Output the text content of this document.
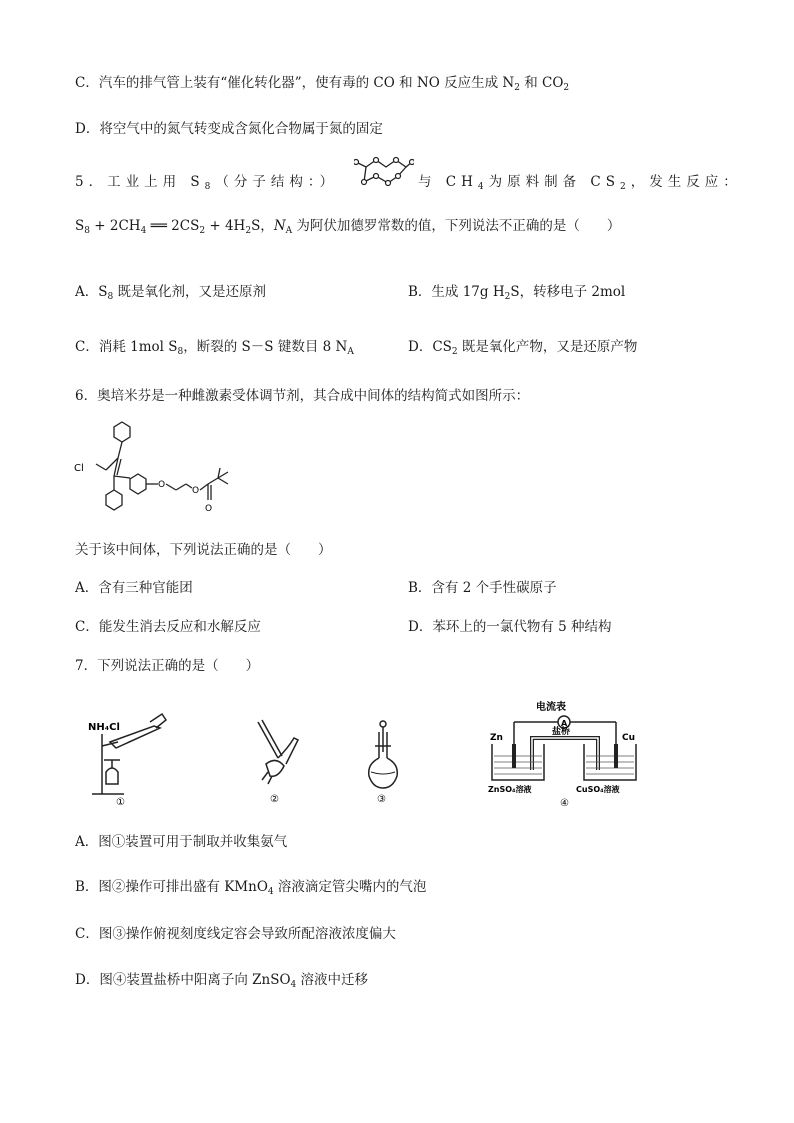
C．汽车的排气管上装有“催化转化器”，使有毒的 CO 和 NO 反应生成 $N_2$ 和 $CO_2$
D．将空气中的氮气转变成含氮化合物属于氮的固定
5．工业上用 $S_8$（分子结构：）	与 $CH_4$为原料制备 $CS_2$，发生反应：
$S_8 + 2CH_4$ ══ $2CS_2 + 4H_2S$，$N_A$ 为阿伏加德罗常数的值，下列说法不正确的是（　　）
A．$S_8$ 既是氧化剂，又是还原剂	B．生成 17g $H_2S$，转移电子 2mol
C．消耗 1mol $S_8$，断裂的 S－S 键数目 8 $N_A$	D．$CS_2$ 既是氧化产物，又是还原产物
6．奥培米芬是一种雌激素受体调节剂，其合成中间体的结构简式如图所示：
Cl
O
O
O
关于该中间体，下列说法正确的是（　　）
A．含有三种官能团	B．含有 2 个手性碳原子
C．能发生消去反应和水解反应	D．苯环上的一氯代物有 5 种结构
7．下列说法正确的是（　　）
NH₄Cl
①	②	③
电流表
A
盐桥
Zn	Cu
ZnSO₄溶液	CuSO₄溶液
④
A．图①装置可用于制取并收集氨气
B．图②操作可排出盛有 KMnO$_4$ 溶液滴定管尖嘴内的气泡
C．图③操作俯视刻度线定容会导致所配溶液浓度偏大
D．图④装置盐桥中阳离子向 ZnSO$_4$ 溶液中迁移
